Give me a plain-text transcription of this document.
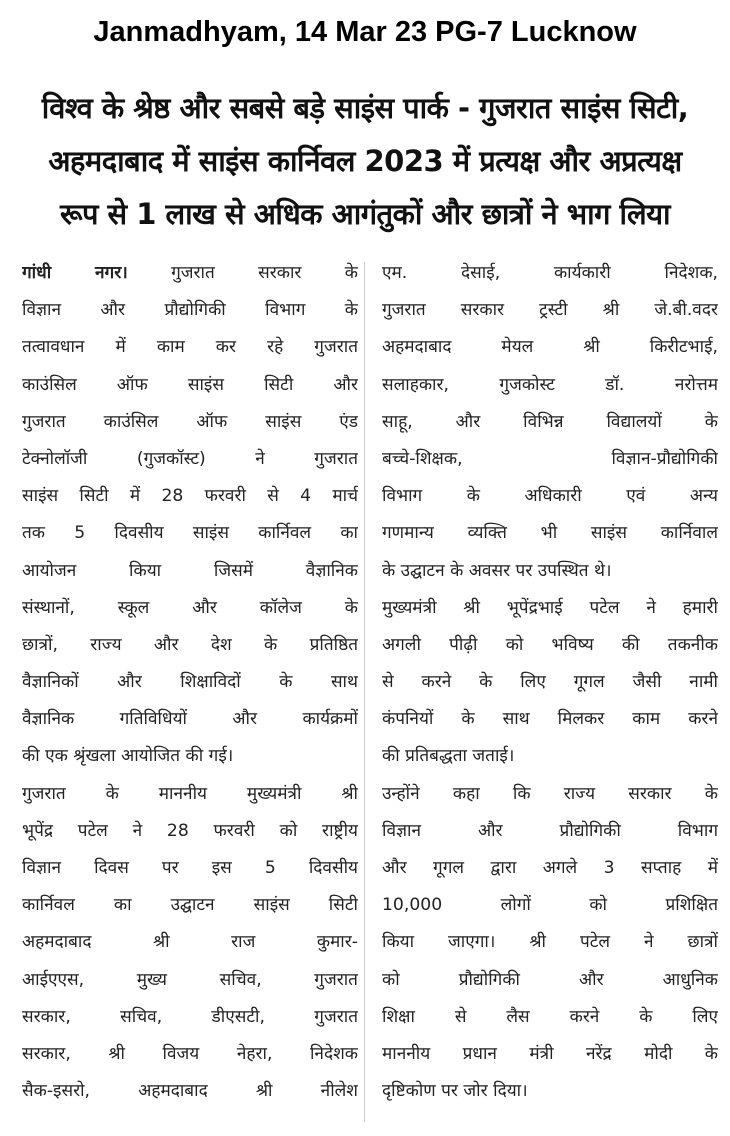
Janmadhyam, 14 Mar 23 PG-7 Lucknow
विश्व के श्रेष्ठ और सबसे बड़े साइंस पार्क - गुजरात साइंस सिटी,
अहमदाबाद में साइंस कार्निवल 2023 में प्रत्यक्ष और अप्रत्यक्ष
रूप से 1 लाख से अधिक आगंतुकों और छात्रों ने भाग लिया
गांधी नगर।	गुजरात सरकार के
विज्ञान और प्रौद्योगिकी विभाग के
तत्वावधान में काम कर रहे गुजरात
काउंसिल ऑफ साइंस सिटी और
गुजरात काउंसिल ऑफ साइंस एंड
टेक्नोलॉजी (गुजकॉस्ट) ने गुजरात
साइंस सिटी में 28 फरवरी से 4 मार्च
तक 5 दिवसीय साइंस कार्निवल का
आयोजन किया जिसमें वैज्ञानिक
संस्थानों, स्कूल और कॉलेज के
छात्रों, राज्य और देश के प्रतिष्ठित
वैज्ञानिकों और शिक्षाविदों के साथ
वैज्ञानिक गतिविधियों और कार्यक्रमों
की एक श्रृंखला आयोजित की गई।
गुजरात के माननीय मुख्यमंत्री श्री
भूपेंद्र पटेल ने 28 फरवरी को राष्ट्रीय
विज्ञान दिवस पर इस 5 दिवसीय
कार्निवल का उद्घाटन साइंस सिटी
अहमदाबाद श्री राज कुमार-
आईएएस, मुख्य सचिव, गुजरात
सरकार, सचिव, डीएसटी, गुजरात
सरकार, श्री विजय नेहरा, निदेशक
सैक-इसरो, अहमदाबाद श्री नीलेश
एम. देसाई, कार्यकारी निदेशक,
गुजरात सरकार ट्रस्टी श्री जे.बी.वदर
अहमदाबाद मेयल श्री किरीटभाई,
सलाहकार, गुजकोस्ट डॉ. नरोत्तम
साहू, और विभिन्न विद्यालयों के
बच्चे-शिक्षक, विज्ञान-प्रौद्योगिकी
विभाग के अधिकारी एवं अन्य
गणमान्य व्यक्ति भी साइंस कार्निवाल
के उद्घाटन के अवसर पर उपस्थित थे।
मुख्यमंत्री श्री भूपेंद्रभाई पटेल ने हमारी
अगली पीढ़ी को भविष्य की तकनीक
से करने के लिए गूगल जैसी नामी
कंपनियों के साथ मिलकर काम करने
की प्रतिबद्धता जताई।
उन्होंने कहा कि राज्य सरकार के
विज्ञान और प्रौद्योगिकी विभाग
और गूगल द्वारा अगले 3 सप्ताह में
10,000 लोगों को प्रशिक्षित
किया जाएगा। श्री पटेल ने छात्रों
को प्रौद्योगिकी और आधुनिक
शिक्षा से लैस करने के लिए
माननीय प्रधान मंत्री नरेंद्र मोदी के
दृष्टिकोण पर जोर दिया।
